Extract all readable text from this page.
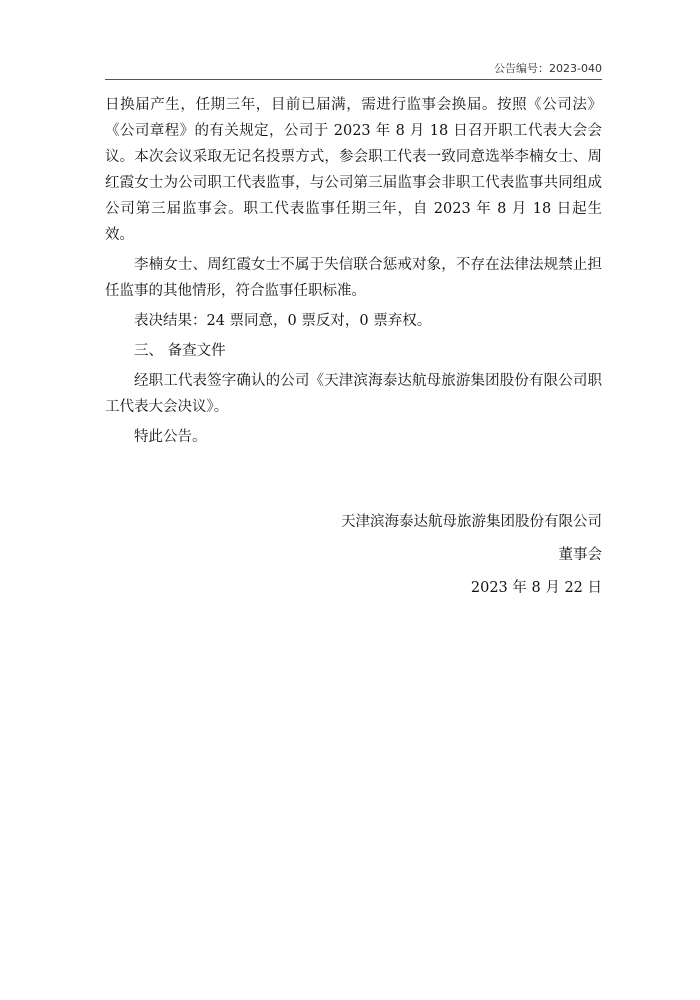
公告编号：2023-040

日换届产生，任期三年，目前已届满，需进行监事会换届。按照《公司法》《公司章程》的有关规定，公司于 2023 年 8 月 18 日召开职工代表大会会议。本次会议采取无记名投票方式，参会职工代表一致同意选举李楠女士、周红霞女士为公司职工代表监事，与公司第三届监事会非职工代表监事共同组成公司第三届监事会。职工代表监事任期三年，自 2023 年 8 月 18 日起生效。

李楠女士、周红霞女士不属于失信联合惩戒对象，不存在法律法规禁止担任监事的其他情形，符合监事任职标准。

表决结果：24 票同意，0 票反对，0 票弃权。

三、 备查文件

经职工代表签字确认的公司《天津滨海泰达航母旅游集团股份有限公司职工代表大会决议》。

特此公告。

天津滨海泰达航母旅游集团股份有限公司
董事会
2023 年 8 月 22 日
